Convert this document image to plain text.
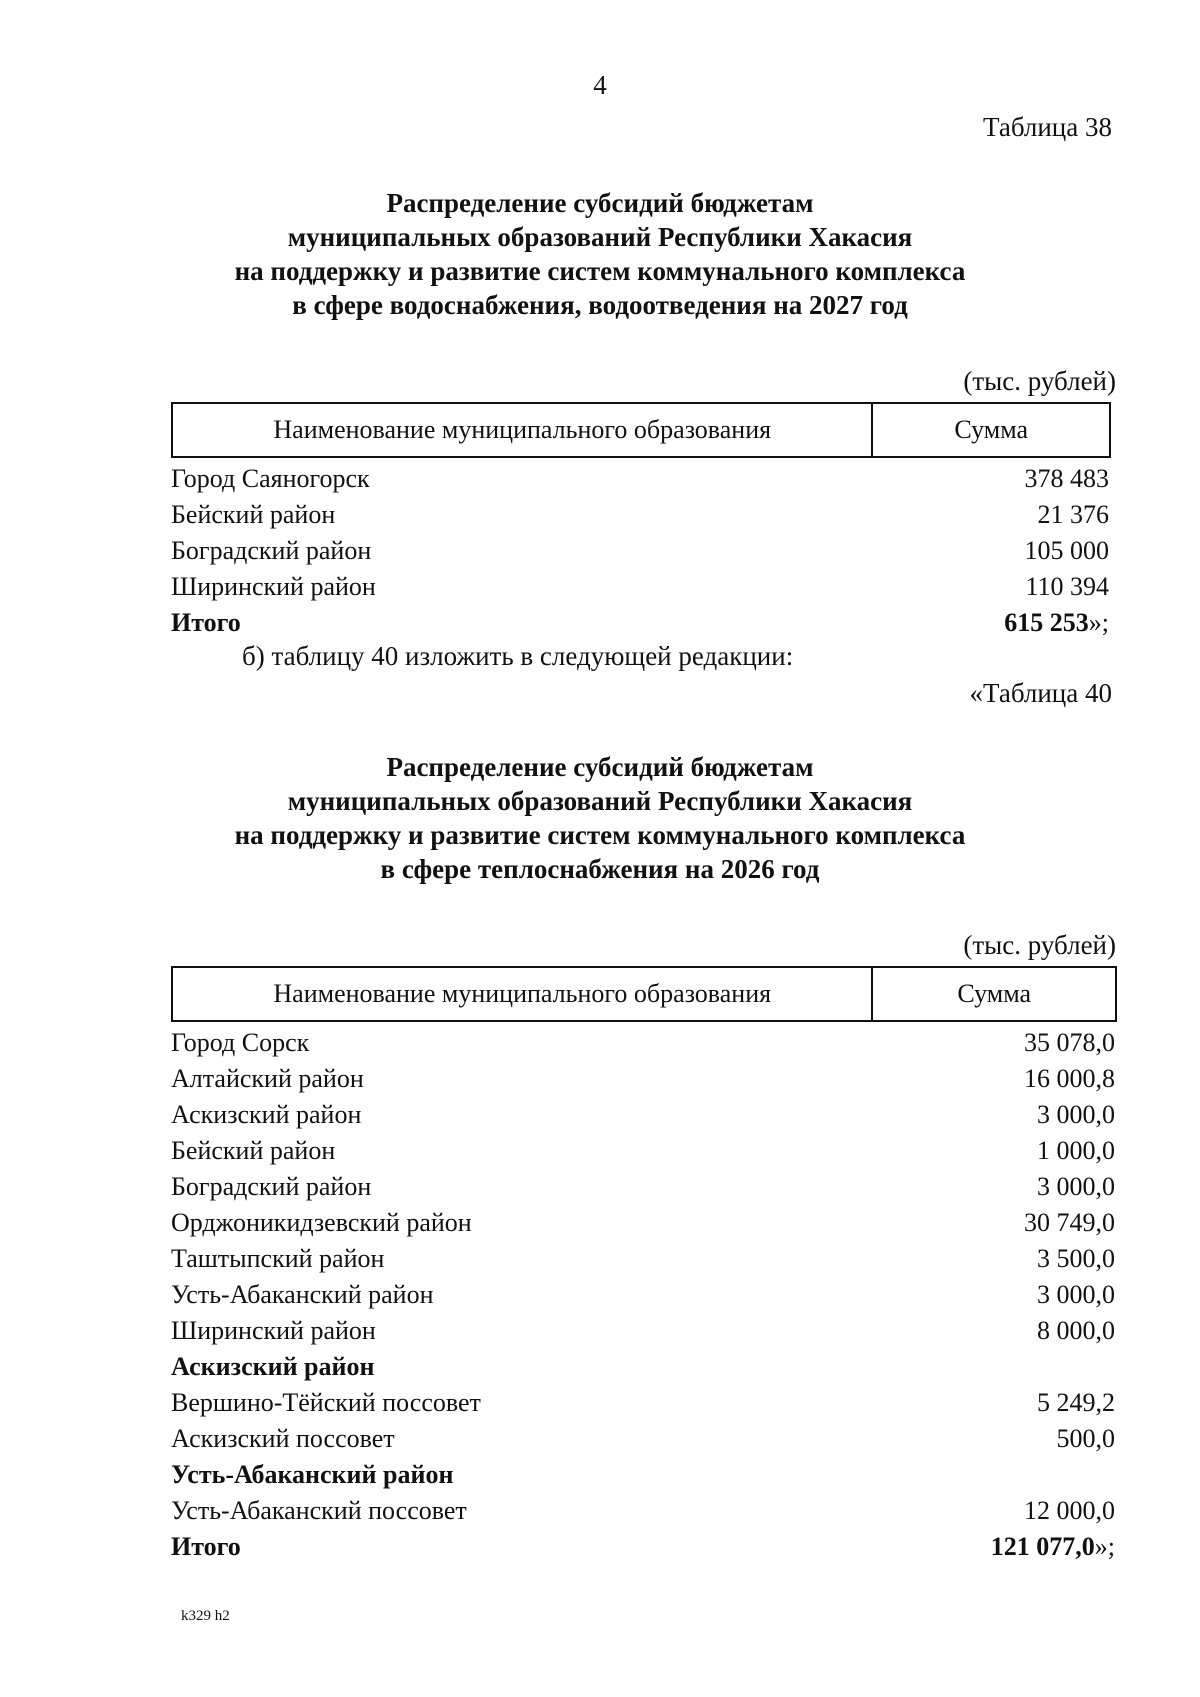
4
Таблица 38
Распределение субсидий бюджетам
муниципальных образований Республики Хакасия
на поддержку и развитие систем коммунального комплекса
в сфере водоснабжения, водоотведения на 2027 год
(тыс. рублей)
Наименование муниципального образования	Сумма
Город Саяногорск	378 483
Бейский район	21 376
Боградский район	105 000
Ширинский район	110 394
Итого	615 253»;
б) таблицу 40 изложить в следующей редакции:
«Таблица 40
Распределение субсидий бюджетам
муниципальных образований Республики Хакасия
на поддержку и развитие систем коммунального комплекса
в сфере теплоснабжения на 2026 год
(тыс. рублей)
Наименование муниципального образования	Сумма
Город Сорск	35 078,0
Алтайский район	16 000,8
Аскизский район	3 000,0
Бейский район	1 000,0
Боградский район	3 000,0
Орджоникидзевский район	30 749,0
Таштыпский район	3 500,0
Усть-Абаканский район	3 000,0
Ширинский район	8 000,0
Аскизский район
Вершино-Тёйский поссовет	5 249,2
Аскизский поссовет	500,0
Усть-Абаканский район
Усть-Абаканский поссовет	12 000,0
Итого	121 077,0»;
k329 h2
